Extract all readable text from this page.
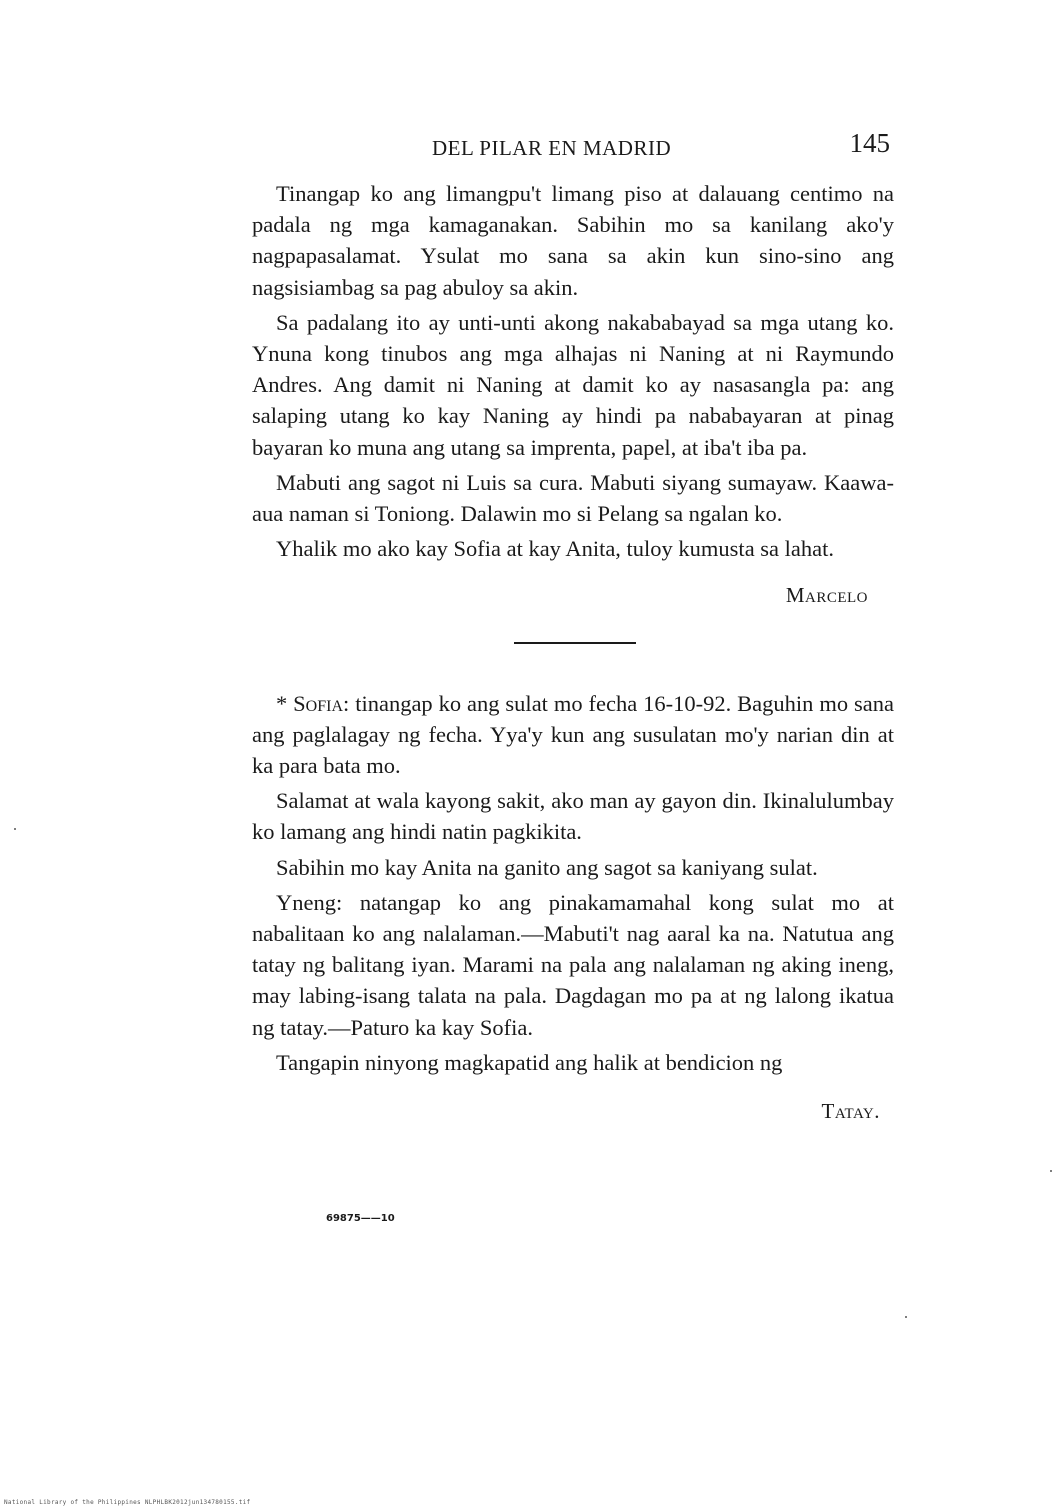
DEL PILAR EN MADRID	145

Tinangap ko ang limangpu't limang piso at dalauang centimo na padala ng mga kamaganakan. Sabihin mo sa kanilang ako'y nagpapasalamat. Ysulat mo sana sa akin kun sino-sino ang nagsisiambag sa pag abuloy sa akin.

Sa padalang ito ay unti-unti akong nakababayad sa mga utang ko. Ynuna kong tinubos ang mga alhajas ni Naning at ni Raymundo Andres. Ang damit ni Naning at damit ko ay nasasangla pa: ang salaping utang ko kay Naning ay hindi pa nababayaran at pinag bayaran ko muna ang utang sa imprenta, papel, at iba't iba pa.

Mabuti ang sagot ni Luis sa cura. Mabuti siyang sumayaw. Kaawa-aua naman si Toniong. Dalawin mo si Pelang sa ngalan ko.

Yhalik mo ako kay Sofia at kay Anita, tuloy kumusta sa lahat.

Marcelo

* Sofia: tinangap ko ang sulat mo fecha 16-10-92. Baguhin mo sana ang paglalagay ng fecha. Yya'y kun ang susulatan mo'y narian din at ka para bata mo.

Salamat at wala kayong sakit, ako man ay gayon din. Ikinalulumbay ko lamang ang hindi natin pagkikita.

Sabihin mo kay Anita na ganito ang sagot sa kaniyang sulat.

Yneng: natangap ko ang pinakamamahal kong sulat mo at nabalitaan ko ang nalalaman.—Mabuti't nag aaral ka na. Natutua ang tatay ng balitang iyan. Marami na pala ang nalalaman ng aking ineng, may labing-isang talata na pala. Dagdagan mo pa at ng lalong ikatua ng tatay.—Paturo ka kay Sofia.

Tangapin ninyong magkapatid ang halik at bendicion ng

Tatay.
69875——10
National Library of the Philippines NLPHLBK2012jun134780155.tif
